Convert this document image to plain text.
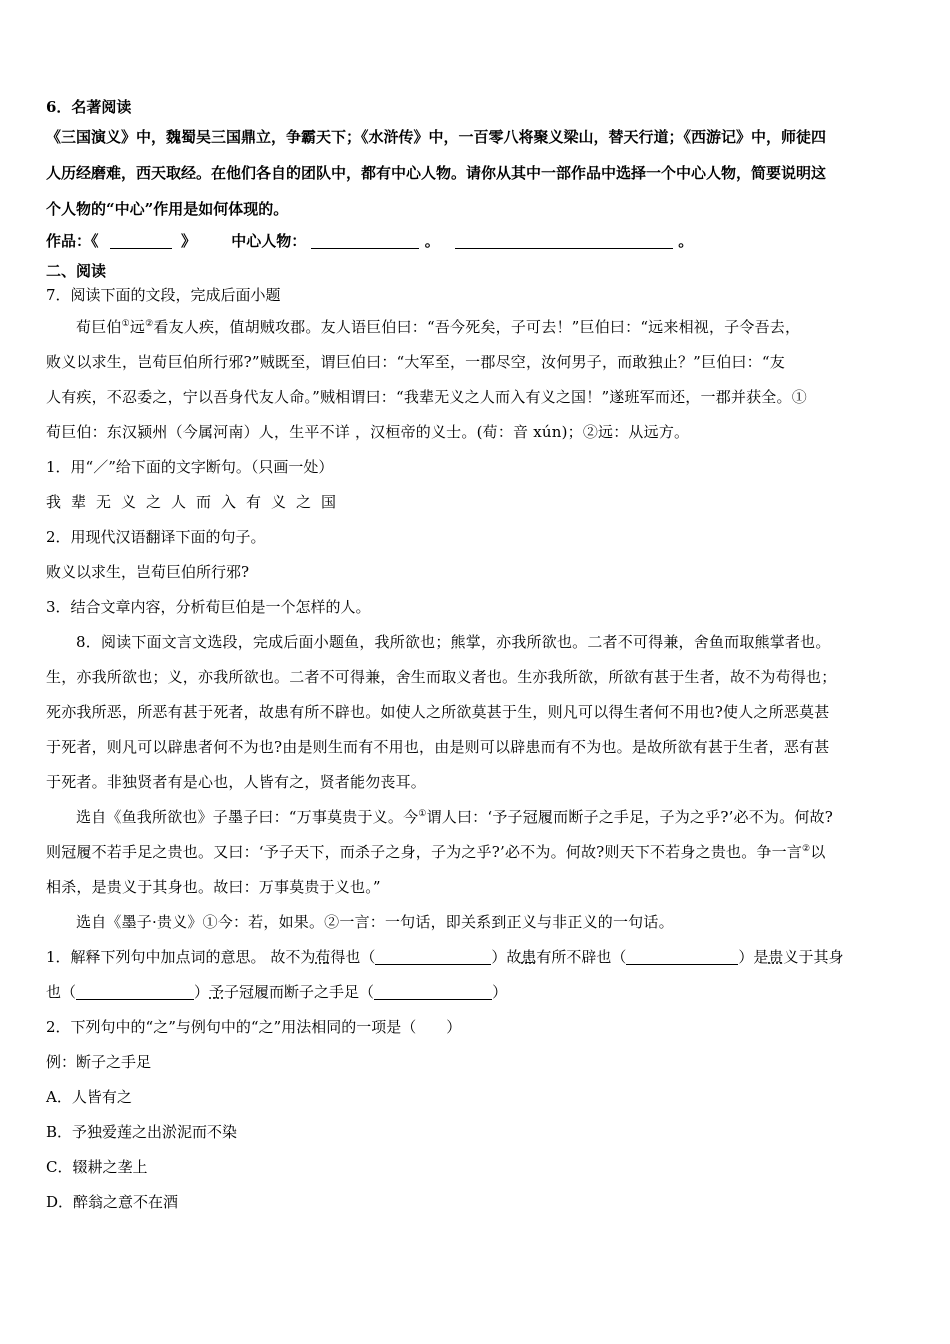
6．名著阅读

《三国演义》中，魏蜀吴三国鼎立，争霸天下；《水浒传》中，一百零八将聚义梁山，替天行道；《西游记》中，师徒四

人历经磨难，西天取经。在他们各自的团队中，都有中心人物。请你从其中一部作品中选择一个中心人物，简要说明这

个人物的“中心”作用是如何体现的。

作品：《	》 中心人物：	。	。

二、阅读

7．阅读下面的文段，完成后面小题

荀巨伯①远②看友人疾，值胡贼攻郡。友人语巨伯曰：“吾今死矣，子可去！”巨伯曰：“远来相视，子令吾去，

败义以求生，岂荀巨伯所行邪?”贼既至，谓巨伯曰：“大军至，一郡尽空，汝何男子，而敢独止？”巨伯曰：“友

人有疾，不忍委之，宁以吾身代友人命。”贼相谓曰：“我辈无义之人而入有义之国！”遂班军而还，一郡并获全。①

荀巨伯：东汉颍州（今属河南）人，生平不详 ，汉桓帝的义士。(荀：音 xún)；②远：从远方。

1．用“／”给下面的文字断句。（只画一处）

我辈无义之人而入有义之国

2．用现代汉语翻译下面的句子。

败义以求生，岂荀巨伯所行邪?

3．结合文章内容，分析荀巨伯是一个怎样的人。

8．阅读下面文言文选段，完成后面小题鱼，我所欲也；熊掌，亦我所欲也。二者不可得兼，舍鱼而取熊掌者也。

生，亦我所欲也；义，亦我所欲也。二者不可得兼，舍生而取义者也。生亦我所欲，所欲有甚于生者，故不为苟得也；

死亦我所恶，所恶有甚于死者，故患有所不辟也。如使人之所欲莫甚于生，则凡可以得生者何不用也?使人之所恶莫甚

于死者，则凡可以辟患者何不为也?由是则生而有不用也，由是则可以辟患而有不为也。是故所欲有甚于生者，恶有甚

于死者。非独贤者有是心也，人皆有之，贤者能勿丧耳。

选自《鱼我所欲也》子墨子曰：“万事莫贵于义。今①谓人曰：‘予子冠履而断子之手足，子为之乎?’必不为。何故?

则冠履不若手足之贵也。又曰：‘予子天下，而杀子之身，子为之乎?’必不为。何故?则天下不若身之贵也。争一言②以

相杀，是贵义于其身也。故曰：万事莫贵于义也。”

选自《墨子·贵义》①今：若，如果。②一言：一句话，即关系到正义与非正义的一句话。

1．解释下列句中加点词的意思。 故不为苟得也（	）故患有所不辟也（	）是贵义于其身

也（	）予子冠履而断子之手足（	）

2．下列句中的“之”与例句中的“之”用法相同的一项是（　　）

例：断子之手足

A．人皆有之

B．予独爱莲之出淤泥而不染

C．辍耕之垄上

D．醉翁之意不在酒
